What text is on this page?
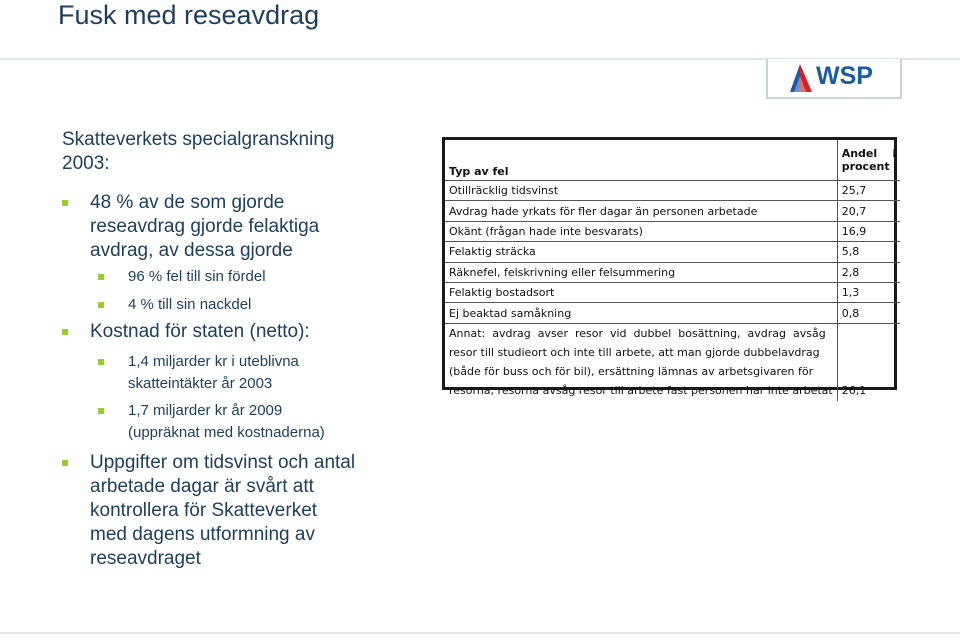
Fusk med reseavdrag
WSP
Skatteverkets specialgranskning
2003:
48 % av de som gjorde
reseavdrag gjorde felaktiga
avdrag, av dessa gjorde
96 % fel till sin fördel
4 % till sin nackdel
Kostnad för staten (netto):
1,4 miljarder kr i uteblivna
skatteintäkter år 2003
1,7 miljarder kr år 2009
(uppräknat med kostnaderna)
Uppgifter om tidsvinst och antal
arbetade dagar är svårt att
kontrollera för Skatteverket
med dagens utformning av
reseavdraget
Typ av fel	Andel    i
procent

Otillräcklig tidsvinst	25,7
Avdrag hade yrkats för fler dagar än personen arbetade	20,7
Okänt (frågan hade inte besvarats)	16,9
Felaktig sträcka	5,8
Räknefel, felskrivning eller felsummering	2,8
Felaktig bostadsort	1,3
Ej beaktad samåkning	0,8

Annat:  avdrag  avser  resor  vid  dubbel  bosättning,  avdrag  avsåg
resor till studieort och inte till arbete, att man gjorde dubbelavdrag
(både för buss och för bil), ersättning lämnas av arbetsgivaren för
resorna, resorna avsåg resor till arbete fast personen har inte arbetat	26,1
